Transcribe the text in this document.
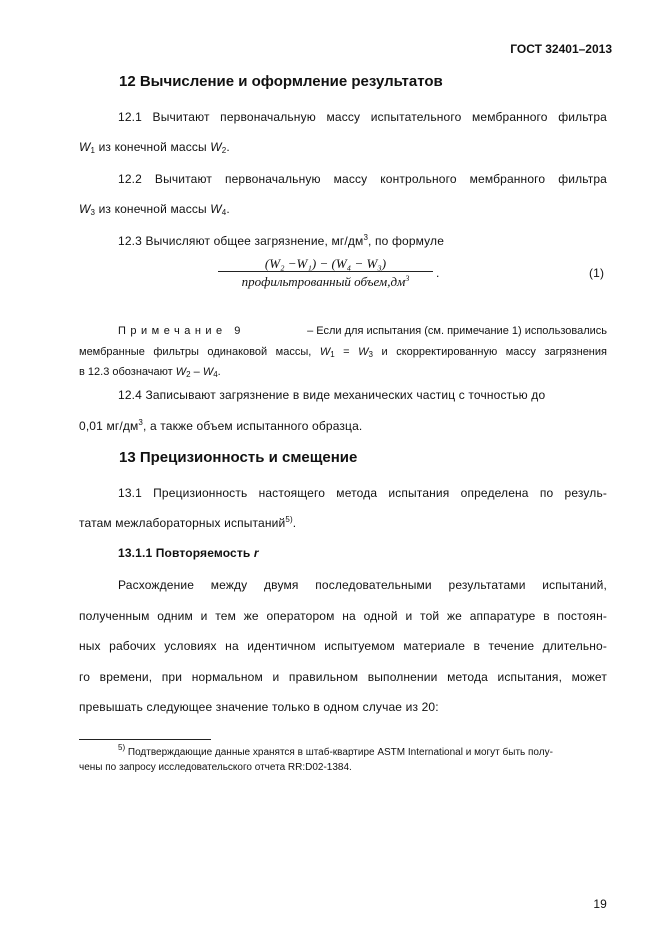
ГОСТ 32401–2013
12 Вычисление и оформление результатов
12.1 Вычитают первоначальную массу испытательного мембранного фильтра
$W_1$ из конечной массы $W_2$.
12.2 Вычитают первоначальную массу контрольного мембранного фильтра
$W_3$ из конечной массы $W_4$.
12.3 Вычисляют общее загрязнение, $мг/дм^3$, по формуле
(W₂ −W₁) − (W₄ − W₃)
профильтрованный $объем,дм^3$	.	(1)
Примечание 9	– Если для испытания (см. примечание 1) использовались
мембранные фильтры одинаковой массы, $W_1 = W_3$ и скорректированную массу загрязнения
в 12.3 обозначают $W_2 - W_4$.
12.4 Записывают загрязнение в виде механических частиц с точностью до
0,01 $мг/дм^3$, а также объем испытанного образца.
13 Прецизионность и смещение
13.1 Прецизионность настоящего метода испытания определена по резуль-
татам межлабораторных испытаний$^{5)}$.
13.1.1 Повторяемость r
Расхождение между двумя последовательными результатами испытаний,
полученным одним и тем же оператором на одной и той же аппаратуре в постоян-
ных рабочих условиях на идентичном испытуемом материале в течение длительно-
го времени, при нормальном и правильном выполнении метода испытания, может
превышать следующее значение только в одном случае из 20:
$^{5)}$ Подтверждающие данные хранятся в штаб-квартире ASTM International и могут быть полу-
чены по запросу исследовательского отчета RR:D02-1384.
19
